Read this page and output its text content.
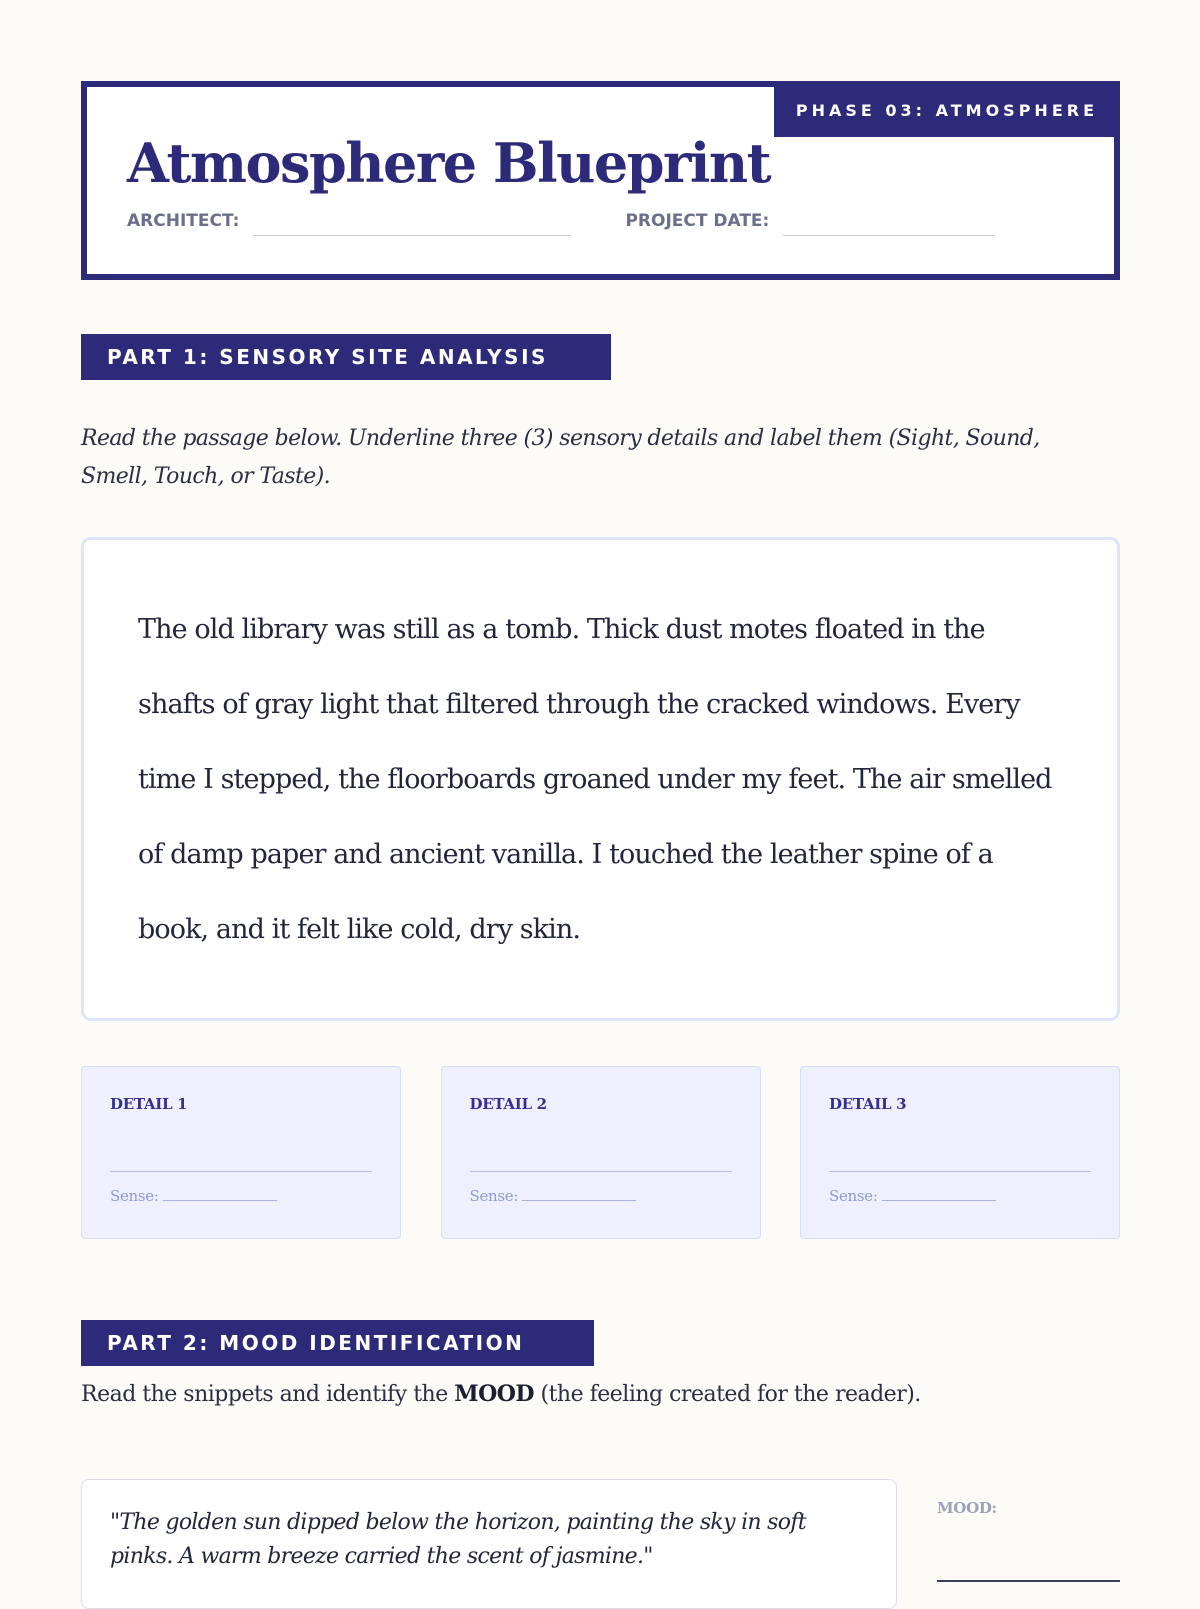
PHASE 03: ATMOSPHERE
Atmosphere Blueprint
ARCHITECT:	PROJECT DATE:
PART 1: SENSORY SITE ANALYSIS
Read the passage below. Underline three (3) sensory details and label them (Sight, Sound, Smell, Touch, or Taste).

The old library was still as a tomb. Thick dust motes floated in the shafts of gray light that filtered through the cracked windows. Every time I stepped, the floorboards groaned under my feet. The air smelled of damp paper and ancient vanilla. I touched the leather spine of a book, and it felt like cold, dry skin.

DETAIL 1
Sense:
DETAIL 2
Sense:
DETAIL 3
Sense:
PART 2: MOOD IDENTIFICATION
Read the snippets and identify the MOOD (the feeling created for the reader).

"The golden sun dipped below the horizon, painting the sky in soft pinks. A warm breeze carried the scent of jasmine."

MOOD:
